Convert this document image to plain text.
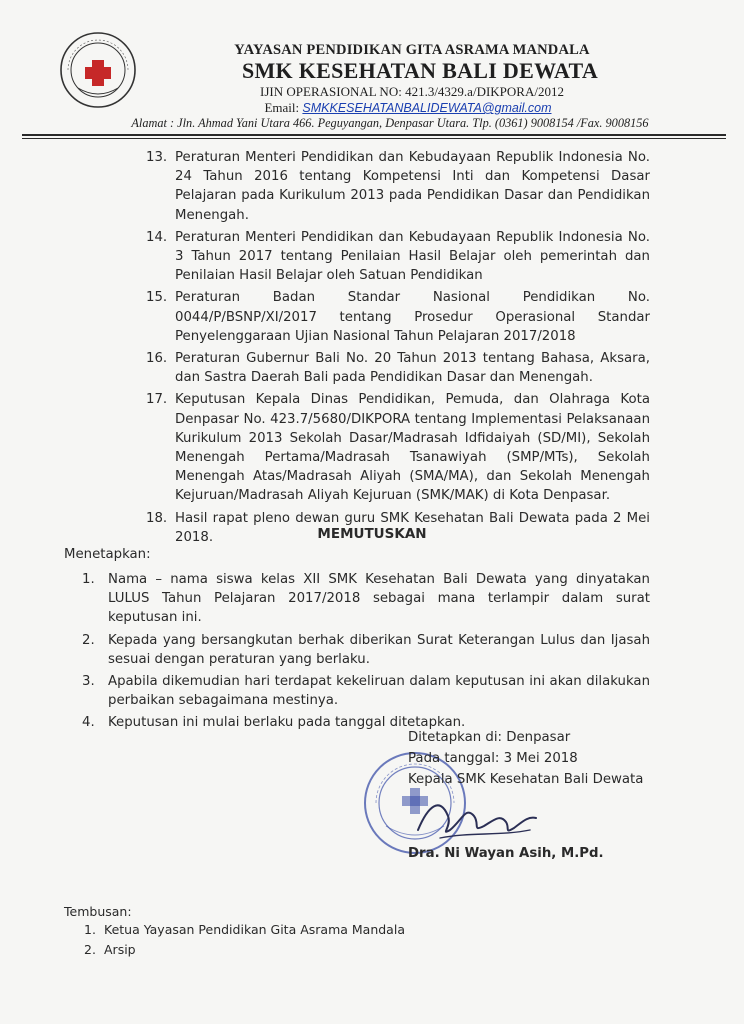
YAYASAN PENDIDIKAN GITA ASRAMA MANDALA
SMK KESEHATAN BALI DEWATA
IJIN OPERASIONAL NO: 421.3/4329.a/DIKPORA/2012
Email: SMKKESEHATANBALIDEWATA@gmail.com
Alamat : Jln. Ahmad Yani Utara 466. Peguyangan, Denpasar Utara. Tlp. (0361) 9008154 /Fax. 9008156
13. Peraturan Menteri Pendidikan dan Kebudayaan Republik Indonesia No. 24 Tahun 2016 tentang Kompetensi Inti dan Kompetensi Dasar Pelajaran pada Kurikulum 2013 pada Pendidikan Dasar dan Pendidikan Menengah.
14. Peraturan Menteri Pendidikan dan Kebudayaan Republik Indonesia No. 3 Tahun 2017 tentang Penilaian Hasil Belajar oleh pemerintah dan Penilaian Hasil Belajar oleh Satuan Pendidikan
15. Peraturan Badan Standar Nasional Pendidikan No. 0044/P/BSNP/XI/2017 tentang Prosedur Operasional Standar Penyelenggaraan Ujian Nasional Tahun Pelajaran 2017/2018
16. Peraturan Gubernur Bali No. 20 Tahun 2013 tentang Bahasa, Aksara, dan Sastra Daerah Bali pada Pendidikan Dasar dan Menengah.
17. Keputusan Kepala Dinas Pendidikan, Pemuda, dan Olahraga Kota Denpasar No. 423.7/5680/DIKPORA tentang Implementasi Pelaksanaan Kurikulum 2013 Sekolah Dasar/Madrasah Idfidaiyah (SD/MI), Sekolah Menengah Pertama/Madrasah Tsanawiyah (SMP/MTs), Sekolah Menengah Atas/Madrasah Aliyah (SMA/MA), dan Sekolah Menengah Kejuruan/Madrasah Aliyah Kejuruan (SMK/MAK) di Kota Denpasar.
18. Hasil rapat pleno dewan guru SMK Kesehatan Bali Dewata pada 2 Mei 2018.	MEMUTUSKAN
Menetapkan:
1. Nama – nama siswa kelas XII SMK Kesehatan Bali Dewata yang dinyatakan LULUS Tahun Pelajaran 2017/2018 sebagai mana terlampir dalam surat keputusan ini.
2. Kepada yang bersangkutan berhak diberikan Surat Keterangan Lulus dan Ijasah sesuai dengan peraturan yang berlaku.
3. Apabila dikemudian hari terdapat kekeliruan dalam keputusan ini akan dilakukan perbaikan sebagaimana mestinya.
4. Keputusan ini mulai berlaku pada tanggal ditetapkan.
Ditetapkan di: Denpasar
Pada tanggal: 3 Mei 2018
Kepala SMK Kesehatan Bali Dewata
Dra. Ni Wayan Asih, M.Pd.
Tembusan:
1. Ketua Yayasan Pendidikan Gita Asrama Mandala
2. Arsip
